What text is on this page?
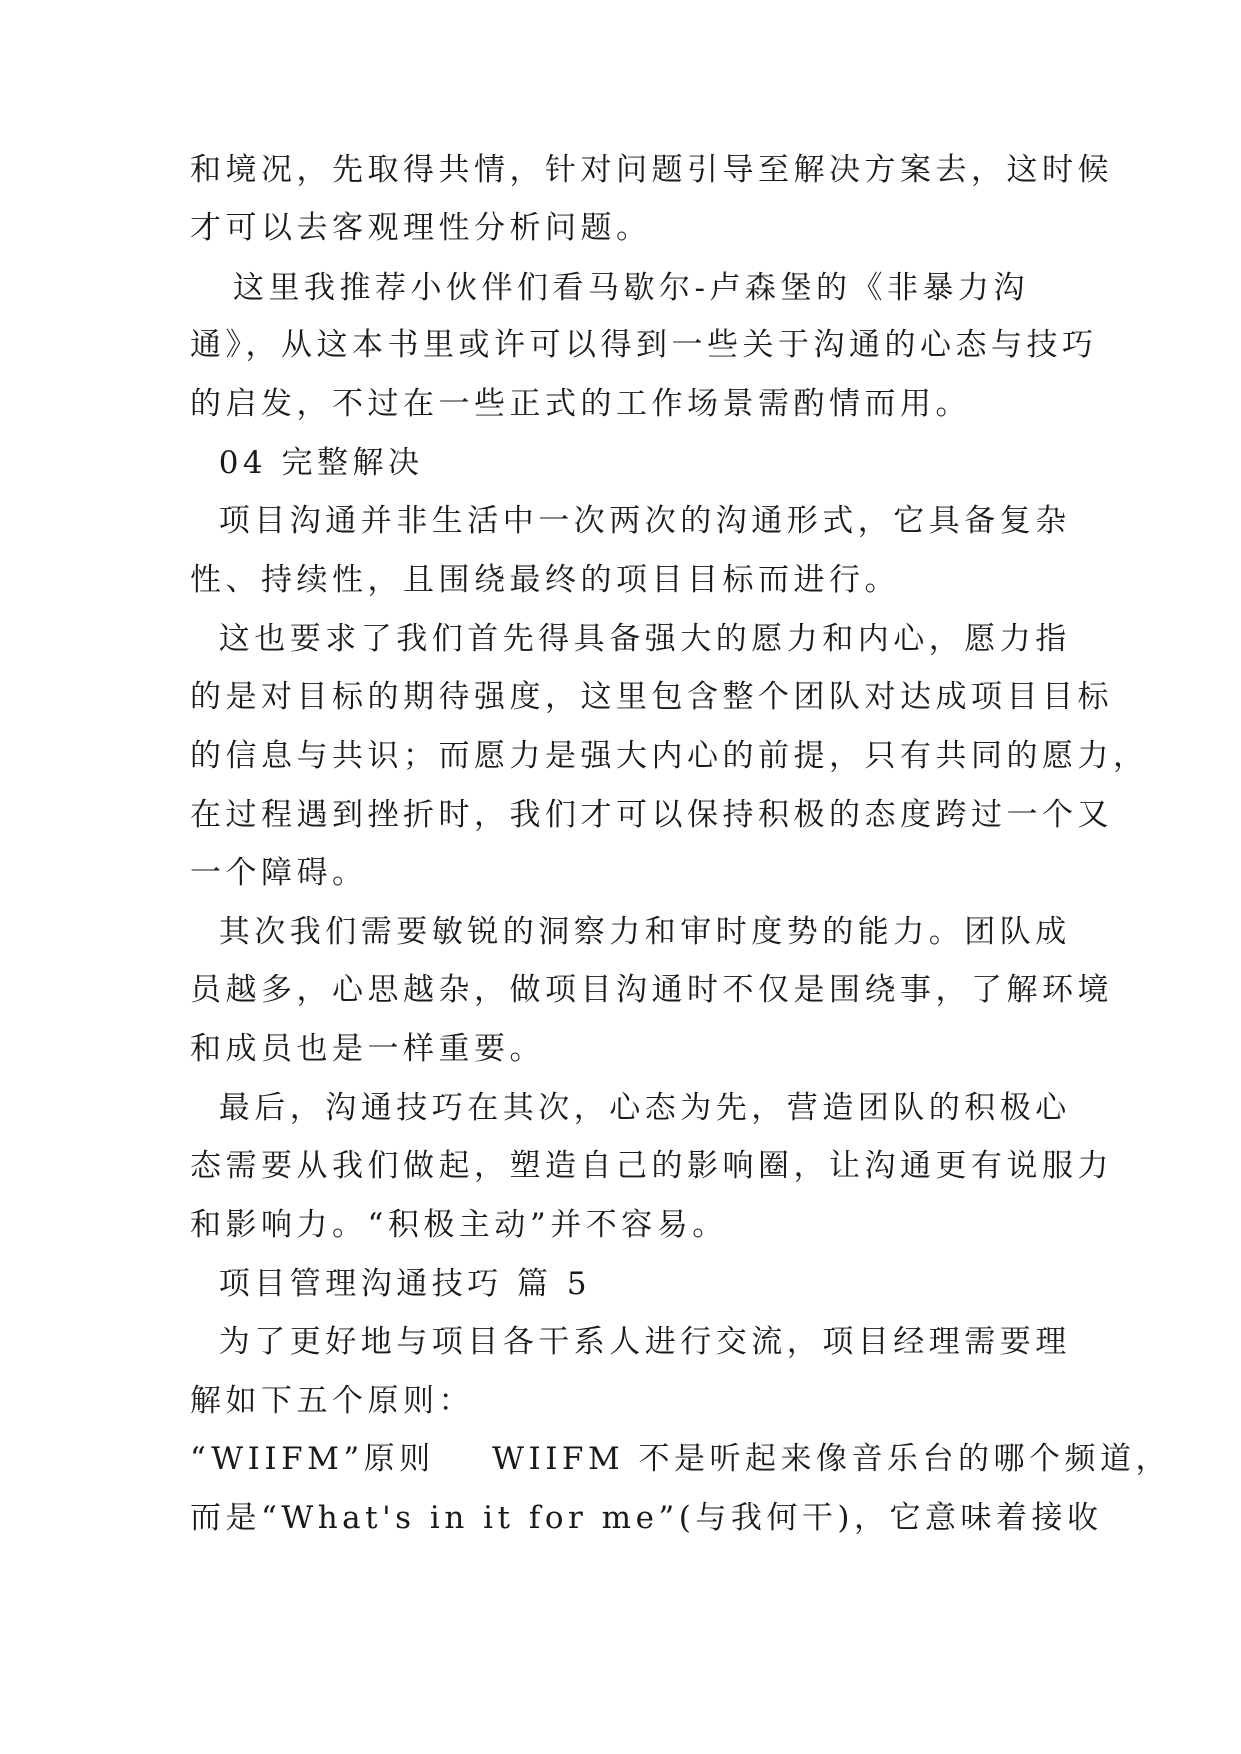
和境况，先取得共情，针对问题引导至解决方案去，这时候
才可以去客观理性分析问题。
这里我推荐小伙伴们看马歇尔-卢森堡的《非暴力沟
通》，从这本书里或许可以得到一些关于沟通的心态与技巧
的启发，不过在一些正式的工作场景需酌情而用。
04 完整解决
项目沟通并非生活中一次两次的沟通形式，它具备复杂
性、持续性，且围绕最终的项目目标而进行。
这也要求了我们首先得具备强大的愿力和内心，愿力指
的是对目标的期待强度，这里包含整个团队对达成项目目标
的信息与共识；而愿力是强大内心的前提，只有共同的愿力，
在过程遇到挫折时，我们才可以保持积极的态度跨过一个又
一个障碍。
其次我们需要敏锐的洞察力和审时度势的能力。团队成
员越多，心思越杂，做项目沟通时不仅是围绕事，了解环境
和成员也是一样重要。
最后，沟通技巧在其次，心态为先，营造团队的积极心
态需要从我们做起，塑造自己的影响圈，让沟通更有说服力
和影响力。“积极主动”并不容易。
项目管理沟通技巧 篇 5
为了更好地与项目各干系人进行交流，项目经理需要理
解如下五个原则：
“WIIFM”原则    WIIFM 不是听起来像音乐台的哪个频道，
而是“What's in it for me”(与我何干)，它意味着接收
